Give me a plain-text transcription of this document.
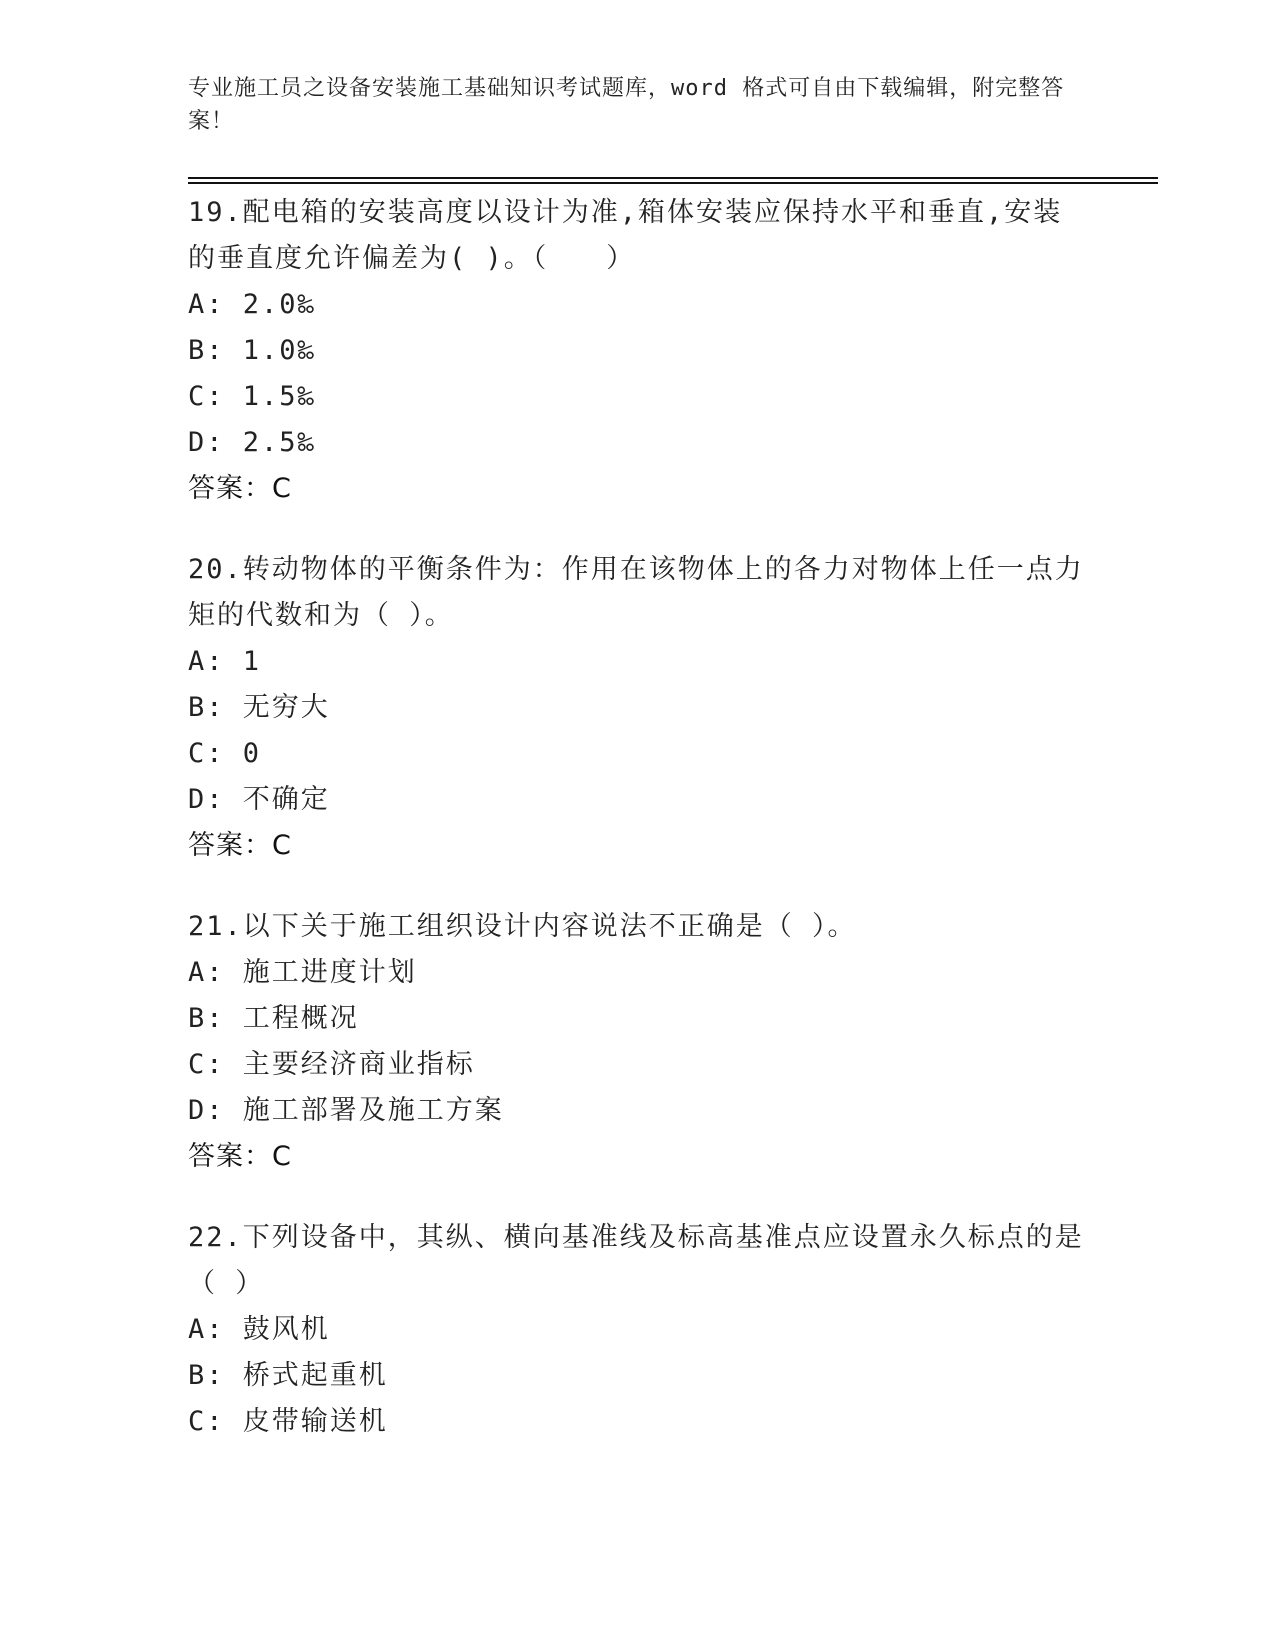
专业施工员之设备安装施工基础知识考试题库，word 格式可自由下载编辑，附完整答案！

19.配电箱的安装高度以设计为准,箱体安装应保持水平和垂直,安装的垂直度允许偏差为( )。（　　）

A: 2.0‰

B: 1.0‰

C: 1.5‰

D: 2.5‰

答案：C

20.转动物体的平衡条件为：作用在该物体上的各力对物体上任一点力矩的代数和为（ ）。

A: 1

B: 无穷大

C: 0

D: 不确定

答案：C

21.以下关于施工组织设计内容说法不正确是（ ）。

A: 施工进度计划

B: 工程概况

C: 主要经济商业指标

D: 施工部署及施工方案

答案：C

22.下列设备中，其纵、横向基准线及标高基准点应设置永久标点的是（ ）

A: 鼓风机

B: 桥式起重机

C: 皮带输送机
